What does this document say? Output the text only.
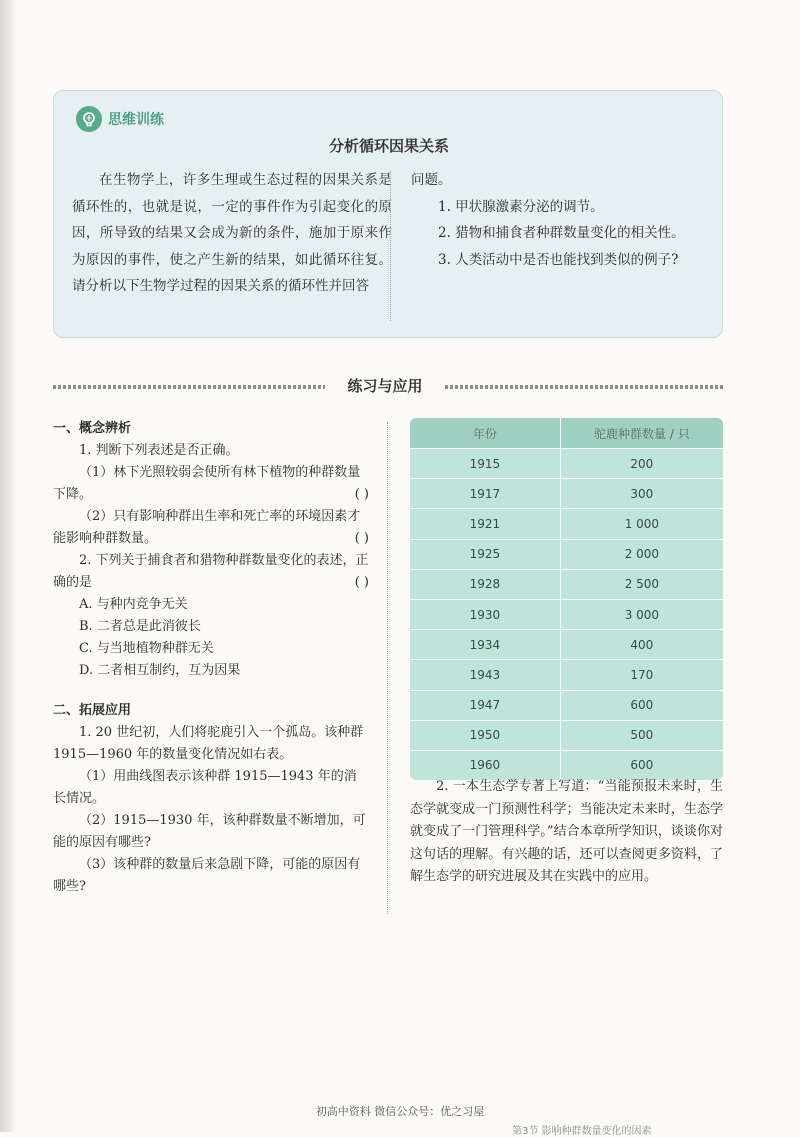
思维训练
分析循环因果关系
在生物学上，许多生理或生态过程的因果关系是循环性的，也就是说，一定的事件作为引起变化的原因，所导致的结果又会成为新的条件，施加于原来作为原因的事件，使之产生新的结果，如此循环往复。请分析以下生物学过程的因果关系的循环性并回答

问题。

1. 甲状腺激素分泌的调节。

2. 猎物和捕食者种群数量变化的相关性。

3. 人类活动中是否也能找到类似的例子?

练习与应用

一、概念辨析

1. 判断下列表述是否正确。

（1）林下光照较弱会使所有林下植物的种群数量下降。	( )

（2）只有影响种群出生率和死亡率的环境因素才能影响种群数量。	( )

2. 下列关于捕食者和猎物种群数量变化的表述，正确的是	( )

A. 与种内竞争无关

B. 二者总是此消彼长

C. 与当地植物种群无关

D. 二者相互制约，互为因果

二、拓展应用

1. 20 世纪初，人们将驼鹿引入一个孤岛。该种群 1915—1960 年的数量变化情况如右表。

（1）用曲线图表示该种群 1915—1943 年的消长情况。

（2）1915—1930 年，该种群数量不断增加，可能的原因有哪些?

（3）该种群的数量后来急剧下降，可能的原因有哪些?

年份	驼鹿种群数量 / 只
1915	200
1917	300
1921	1 000
1925	2 000
1928	2 500
1930	3 000
1934	400
1943	170
1947	600
1950	500
1960	600

2. 一本生态学专著上写道：“当能预报未来时，生态学就变成一门预测性科学；当能决定未来时，生态学就变成了一门管理科学。”结合本章所学知识，谈谈你对这句话的理解。有兴趣的话，还可以查阅更多资料，了解生态学的研究进展及其在实践中的应用。

初高中资料 微信公众号：优之习屋
第3节 影响种群数量变化的因素
